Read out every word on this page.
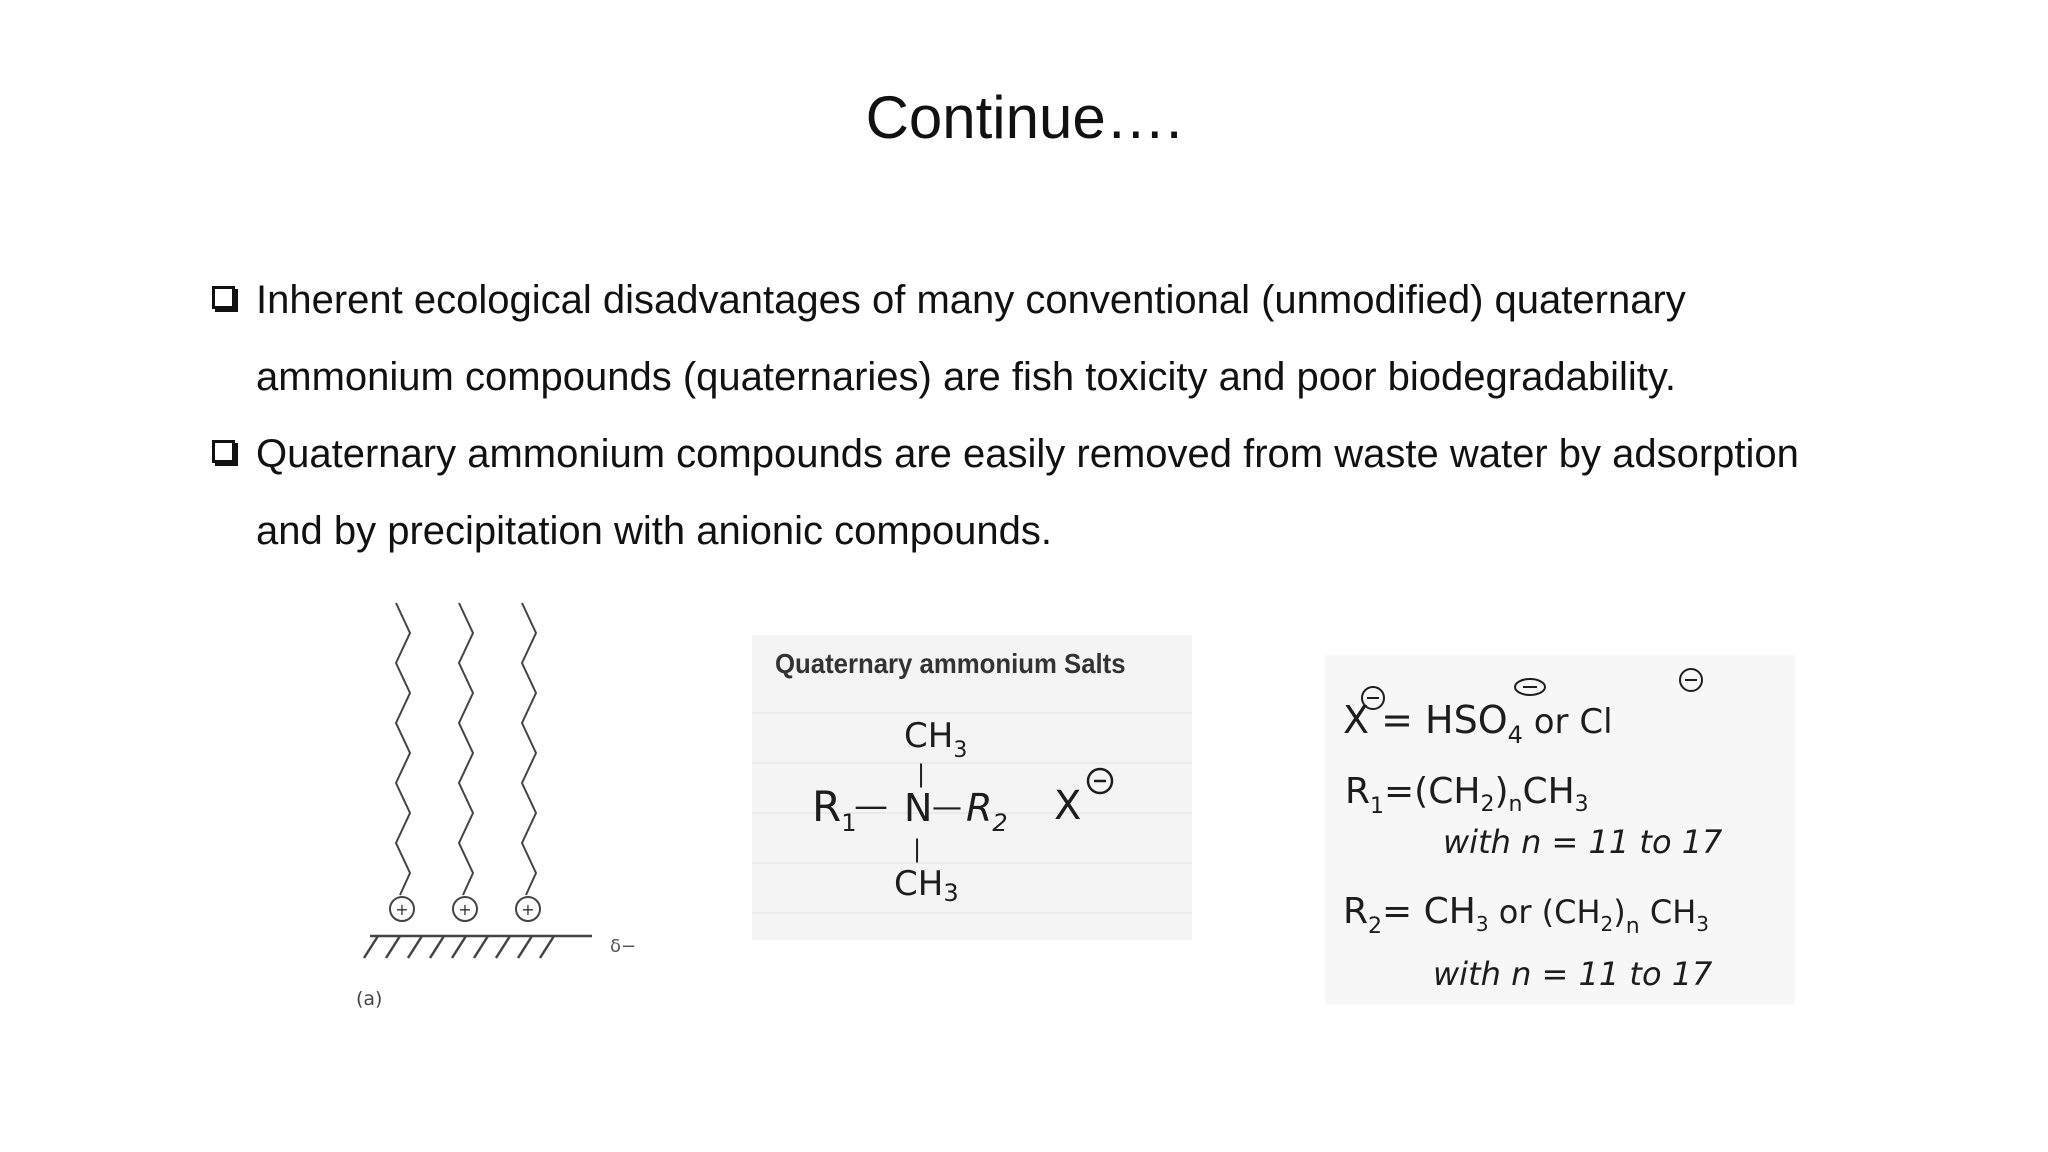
Continue….
Inherent ecological disadvantages of many conventional (unmodified) quaternary ammonium compounds (quaternaries) are fish toxicity and poor biodegradability.
Quaternary ammonium compounds are easily removed from waste water by adsorption and by precipitation with anionic compounds.
+	+	+
δ−
(a)
Quaternary ammonium Salts
$CH_3$
|
$R_1$
— N — $R_2$
|
CH3
X
$X = HSO_4$ or Cl
$R_1=(CH_2)_nCH_3$
with n = 11 to 17
$R_2= CH_3$ or $(CH_2)_n$ $CH_3$
with n = 11 to 17
